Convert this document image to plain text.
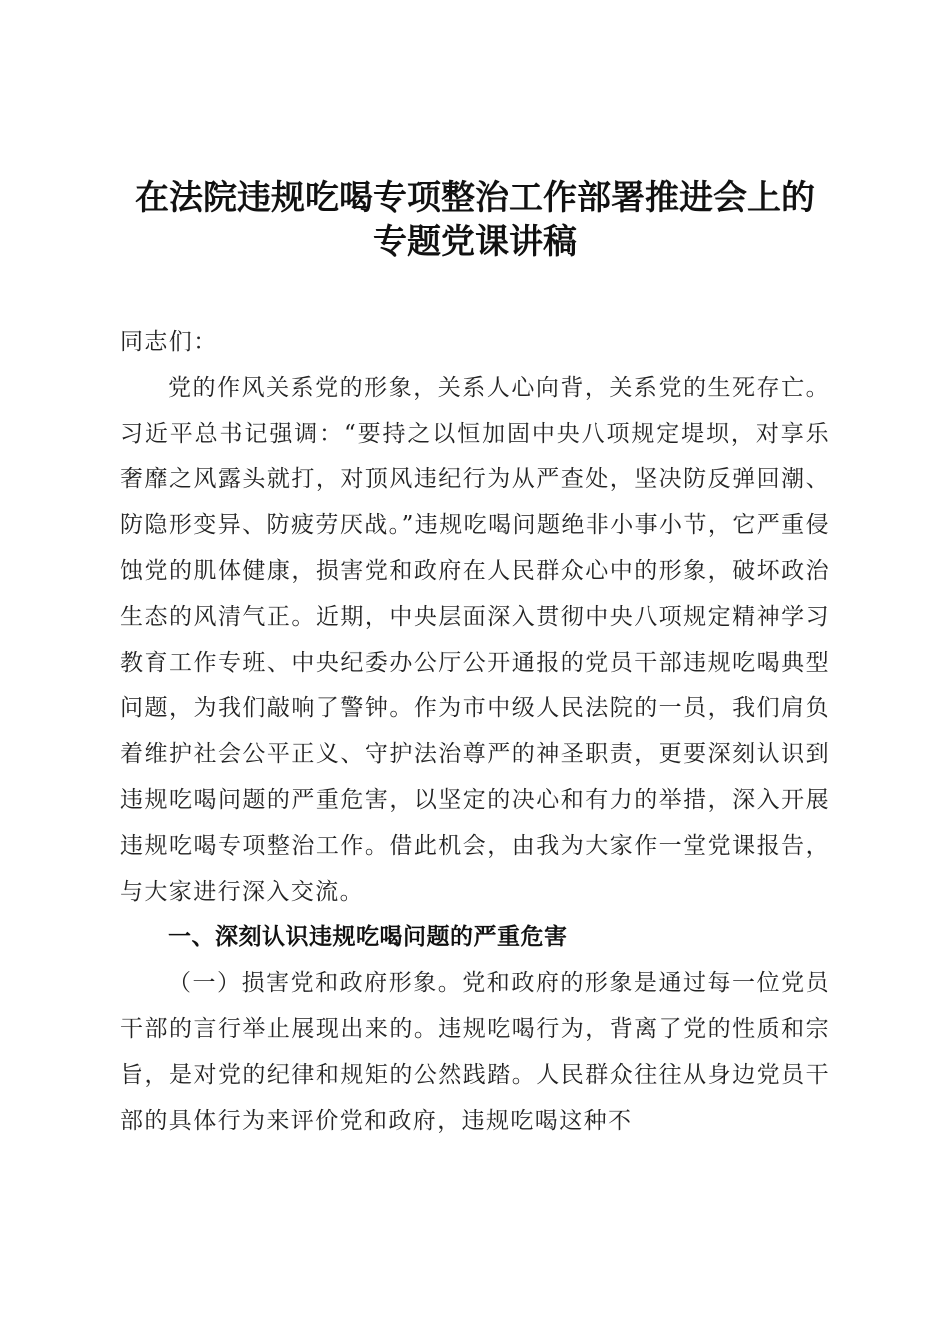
在法院违规吃喝专项整治工作部署推进会上的
专题党课讲稿

同志们：

党的作风关系党的形象，关系人心向背，关系党的生死存亡。习近平总书记强调：“要持之以恒加固中央八项规定堤坝，对享乐奢靡之风露头就打，对顶风违纪行为从严查处，坚决防反弹回潮、防隐形变异、防疲劳厌战。”违规吃喝问题绝非小事小节，它严重侵蚀党的肌体健康，损害党和政府在人民群众心中的形象，破坏政治生态的风清气正。近期，中央层面深入贯彻中央八项规定精神学习教育工作专班、中央纪委办公厅公开通报的党员干部违规吃喝典型问题，为我们敲响了警钟。作为市中级人民法院的一员，我们肩负着维护社会公平正义、守护法治尊严的神圣职责，更要深刻认识到违规吃喝问题的严重危害，以坚定的决心和有力的举措，深入开展违规吃喝专项整治工作。借此机会，由我为大家作一堂党课报告，与大家进行深入交流。

一、深刻认识违规吃喝问题的严重危害

（一）损害党和政府形象。党和政府的形象是通过每一位党员干部的言行举止展现出来的。违规吃喝行为，背离了党的性质和宗旨，是对党的纪律和规矩的公然践踏。人民群众往往从身边党员干部的具体行为来评价党和政府，违规吃喝这种不
